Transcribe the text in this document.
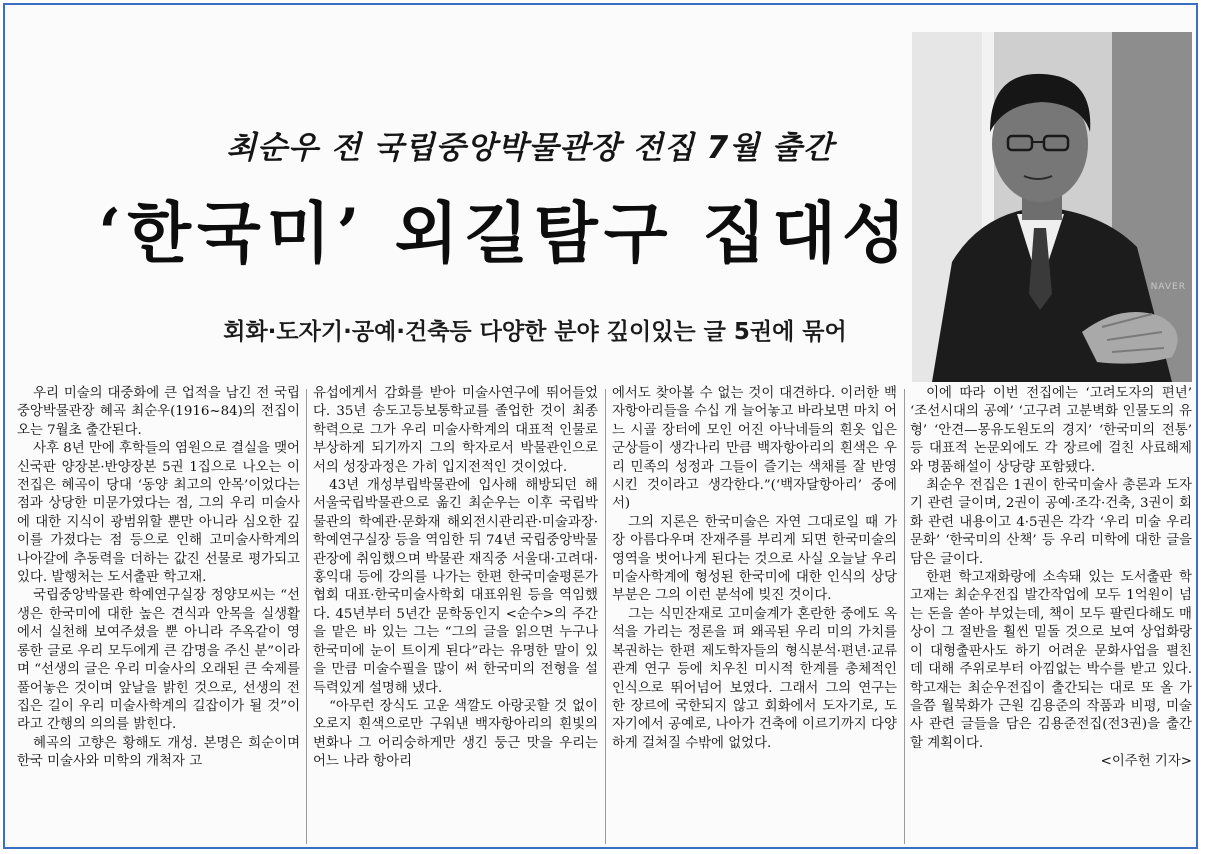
최순우 전 국립중앙박물관장 전집 7월 출간
‘한국미’ 외길탐구 집대성
회화·도자기·공예·건축등 다양한 분야 깊이있는 글 5권에 묶어
NAVER

우리 미술의 대중화에 큰 업적을 남긴 전 국립중앙박물관장 혜곡 최순우(1916~84)의 전집이 오는 7월초 출간된다.

사후 8년 만에 후학들의 염원으로 결실을 맺어 신국판 양장본·반양장본 5권 1집으로 나오는 이 전집은 혜곡이 당대 ‘동양 최고의 안목’이었다는 점과 상당한 미문가였다는 점, 그의 우리 미술사에 대한 지식이 광범위할 뿐만 아니라 심오한 깊이를 가졌다는 점 등으로 인해 고미술사학계의 나아갈에 추동력을 더하는 값진 선물로 평가되고 있다. 발행처는 도서출판 학고재.

국립중앙박물관 학예연구실장 정양모씨는 “선생은 한국미에 대한 높은 견식과 안목을 실생활에서 실천해 보여주셨을 뿐 아니라 주옥같이 영롱한 글로 우리 모두에게 큰 감명을 주신 분”이라며 “선생의 글은 우리 미술사의 오래된 큰 숙제를 풀어놓은 것이며 앞날을 밝힌 것으로, 선생의 전집은 길이 우리 미술사학계의 길잡이가 될 것”이라고 간행의 의의를 밝힌다.

혜곡의 고향은 황해도 개성. 본명은 희순이며 한국 미술사와 미학의 개척자 고

유섭에게서 감화를 받아 미술사연구에 뛰어들었다. 35년 송도고등보통학교를 졸업한 것이 최종학력으로 그가 우리 미술사학계의 대표적 인물로 부상하게 되기까지 그의 학자로서 박물관인으로서의 성장과정은 가히 입지전적인 것이었다.

43년 개성부립박물관에 입사해 해방되던 해 서울국립박물관으로 옮긴 최순우는 이후 국립박물관의 학예관·문화재 해외전시관리관·미술과장·학예연구실장 등을 역임한 뒤 74년 국립중앙박물관장에 취임했으며 박물관 재직중 서울대·고려대·홍익대 등에 강의를 나가는 한편 한국미술평론가협회 대표·한국미술사학회 대표위원 등을 역임했다. 45년부터 5년간 문학동인지 <순수>의 주간을 맡은 바 있는 그는 “그의 글을 읽으면 누구나 한국미에 눈이 트이게 된다”라는 유명한 말이 있을 만큼 미술수필을 많이 써 한국미의 전형을 설득력있게 설명해 냈다.

“아무런 장식도 고운 색깔도 아랑곳할 것 없이 오로지 흰색으로만 구워낸 백자항아리의 흰빛의 변화나 그 어리숭하게만 생긴 둥근 맛을 우리는 어느 나라 항아리

에서도 찾아볼 수 없는 것이 대견하다. 이러한 백자항아리들을 수십 개 늘어놓고 바라보면 마치 어느 시골 장터에 모인 어진 아낙네들의 흰옷 입은 군상들이 생각나리 만큼 백자항아리의 흰색은 우리 민족의 성정과 그들이 즐기는 색채를 잘 반영시킨 것이라고 생각한다.”(‘백자달항아리’ 중에서)

그의 지론은 한국미술은 자연 그대로일 때 가장 아름다우며 잔재주를 부리게 되면 한국미술의 영역을 벗어나게 된다는 것으로 사실 오늘날 우리 미술사학계에 형성된 한국미에 대한 인식의 상당부분은 그의 이런 분석에 빚진 것이다.

그는 식민잔재로 고미술계가 혼란한 중에도 옥석을 가리는 정론을 펴 왜곡된 우리 미의 가치를 복권하는 한편 제도학자들의 형식분석·편년·교류관계 연구 등에 치우친 미시적 한계를 총체적인 인식으로 뛰어넘어 보였다. 그래서 그의 연구는 한 장르에 국한되지 않고 회화에서 도자기로, 도자기에서 공예로, 나아가 건축에 이르기까지 다양하게 걸쳐질 수밖에 없었다.

이에 따라 이번 전집에는 ‘고려도자의 편년’ ‘조선시대의 공예’ ‘고구려 고분벽화 인물도의 유형’ ‘안견—몽유도원도의 경지’ ‘한국미의 전통’ 등 대표적 논문외에도 각 장르에 걸친 사료해제와 명품해설이 상당량 포함됐다.

최순우 전집은 1권이 한국미술사 총론과 도자기 관련 글이며, 2권이 공예·조각·건축, 3권이 회화 관련 내용이고 4·5권은 각각 ‘우리 미술 우리 문화’ ‘한국미의 산책’ 등 우리 미학에 대한 글을 담은 글이다.

한편 학고재화랑에 소속돼 있는 도서출판 학고재는 최순우전집 발간작업에 모두 1억원이 넘는 돈을 쏟아 부었는데, 책이 모두 팔린다해도 매상이 그 절반을 훨씬 밑돌 것으로 보여 상업화랑이 대형출판사도 하기 어려운 문화사업을 펼친 데 대해 주위로부터 아낌없는 박수를 받고 있다. 학고재는 최순우전집이 출간되는 대로 또 올 가을쯤 월북화가 근원 김용준의 작품과 비평, 미술사 관련 글들을 담은 김용준전집(전3권)을 출간할 계획이다.

<이주헌 기자>
